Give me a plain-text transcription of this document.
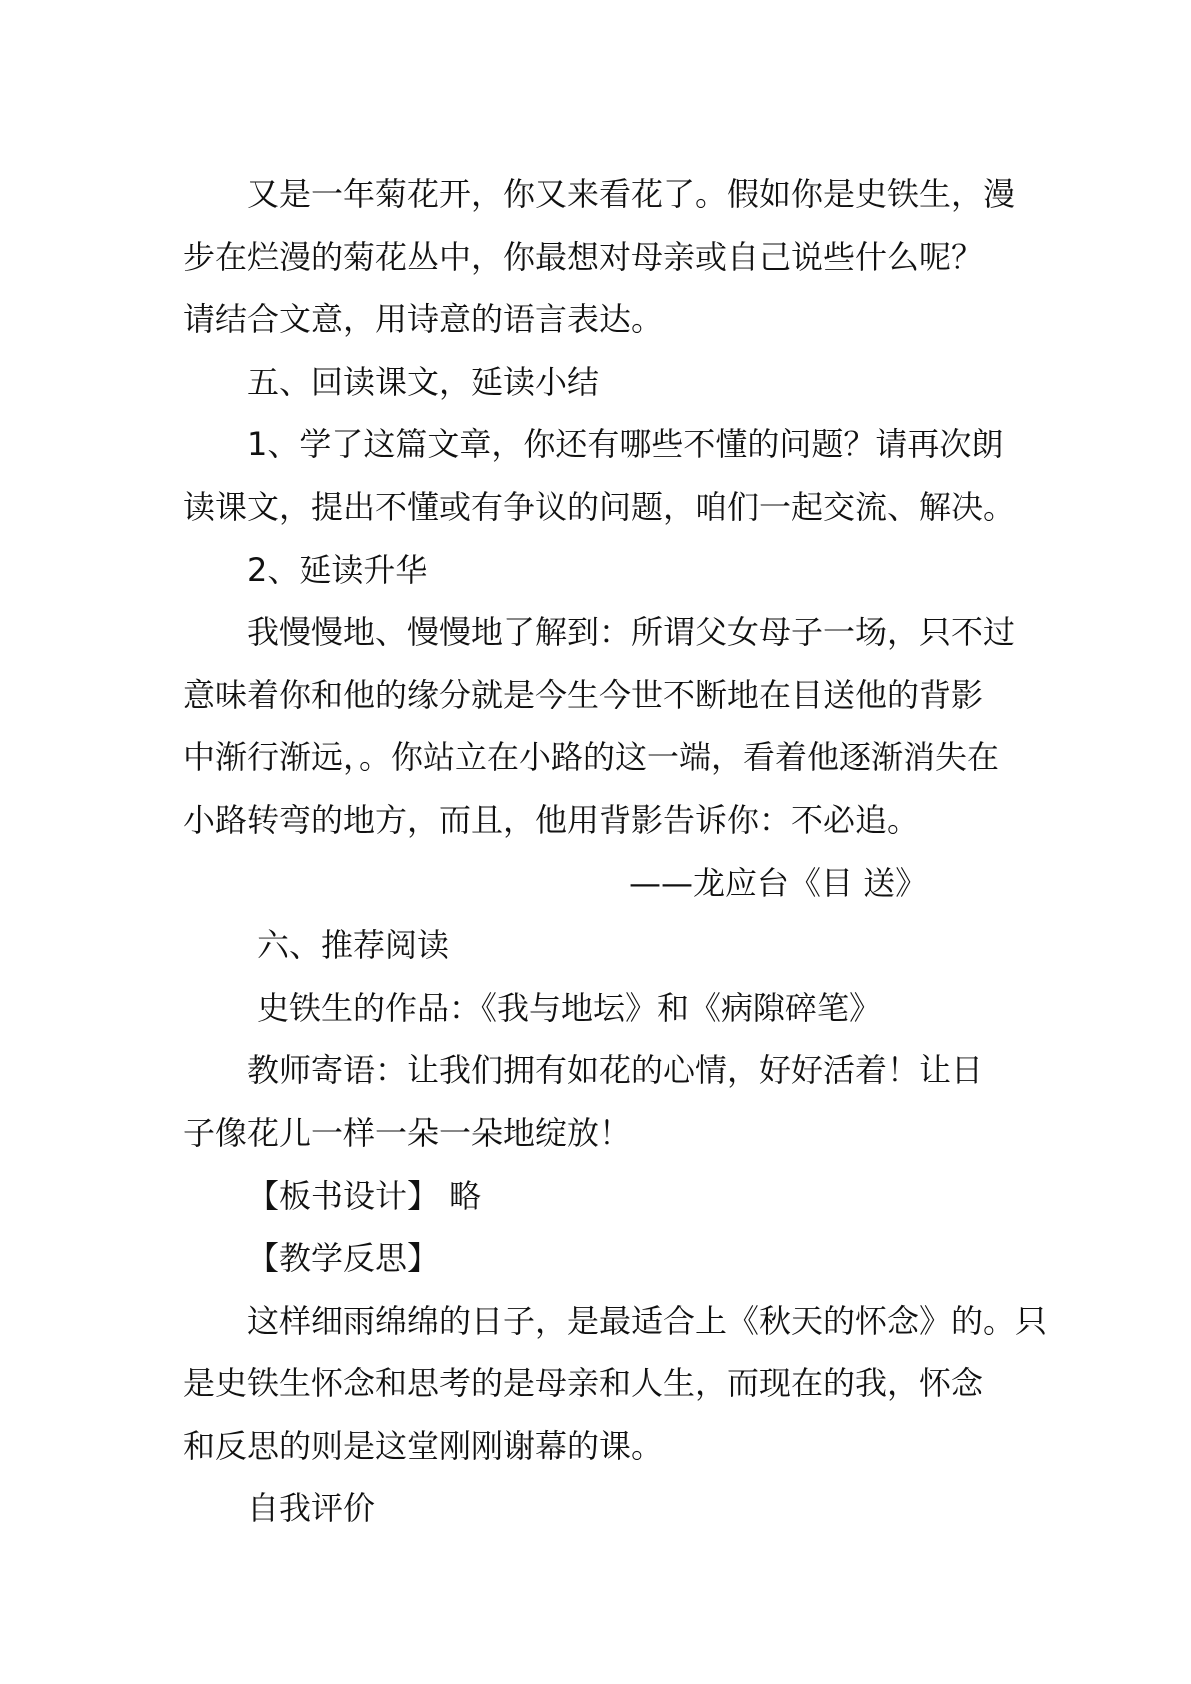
又是一年菊花开，你又来看花了。假如你是史铁生，漫
步在烂漫的菊花丛中，你最想对母亲或自己说些什么呢？
请结合文意，用诗意的语言表达。
五、回读课文，延读小结
1、学了这篇文章，你还有哪些不懂的问题？请再次朗
读课文，提出不懂或有争议的问题，咱们一起交流、解决。
2、延读升华
我慢慢地、慢慢地了解到：所谓父女母子一场，只不过
意味着你和他的缘分就是今生今世不断地在目送他的背影
中渐行渐远，。你站立在小路的这一端，看着他逐渐消失在
小路转弯的地方，而且，他用背影告诉你：不必追。
——龙应台《目 送》
六、推荐阅读
史铁生的作品：《我与地坛》和《病隙碎笔》
教师寄语：让我们拥有如花的心情，好好活着！让日
子像花儿一样一朵一朵地绽放！
【板书设计】 略
【教学反思】
这样细雨绵绵的日子，是最适合上《秋天的怀念》的。只
是史铁生怀念和思考的是母亲和人生，而现在的我，怀念
和反思的则是这堂刚刚谢幕的课。
自我评价
